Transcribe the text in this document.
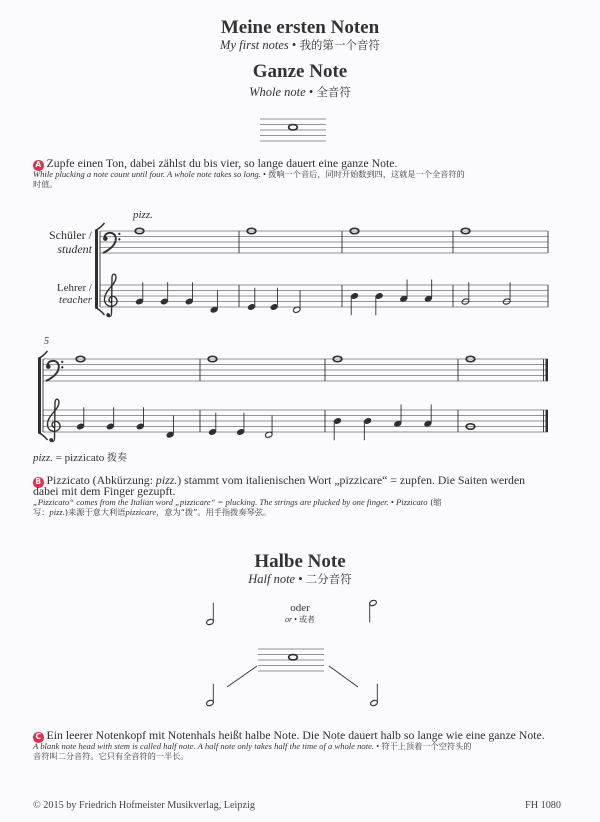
Meine ersten Noten
My first notes • 我的第一个音符
Ganze Note
Whole note • 全音符
A Zupfe einen Ton, dabei zählst du bis vier, so lange dauert eine ganze Note.
While plucking a note count until four. A whole note takes so long. • 拨响一个音后，同时开始数到四，这就是一个全音符的
时值。
pizz.
Schüler /
student
Lehrer /
teacher
5
pizz. = pizzicato 拨奏
B Pizzicato (Abkürzung: pizz.) stammt vom italienischen Wort „pizzicare“ = zupfen. Die Saiten werden
dabei mit dem Finger gezupft.
„Pizzicato“ comes from the Italian word „pizzicare“ = plucking. The strings are plucked by one finger. • Pizzicato (缩
写：pizz.)来源于意大利语pizzicare，意为“拨”。用手指拨奏琴弦。
Halbe Note
Half note • 二分音符
oder
or • 或者
C Ein leerer Notenkopf mit Notenhals heißt halbe Note. Die Note dauert halb so lange wie eine ganze Note.
A blank note head with stem is called half note. A half note only takes half the time of a whole note. • 符干上顶着一个空符头的
音符叫二分音符。它只有全音符的一半长。
© 2015 by Friedrich Hofmeister Musikverlag, Leipzig	FH 1080
